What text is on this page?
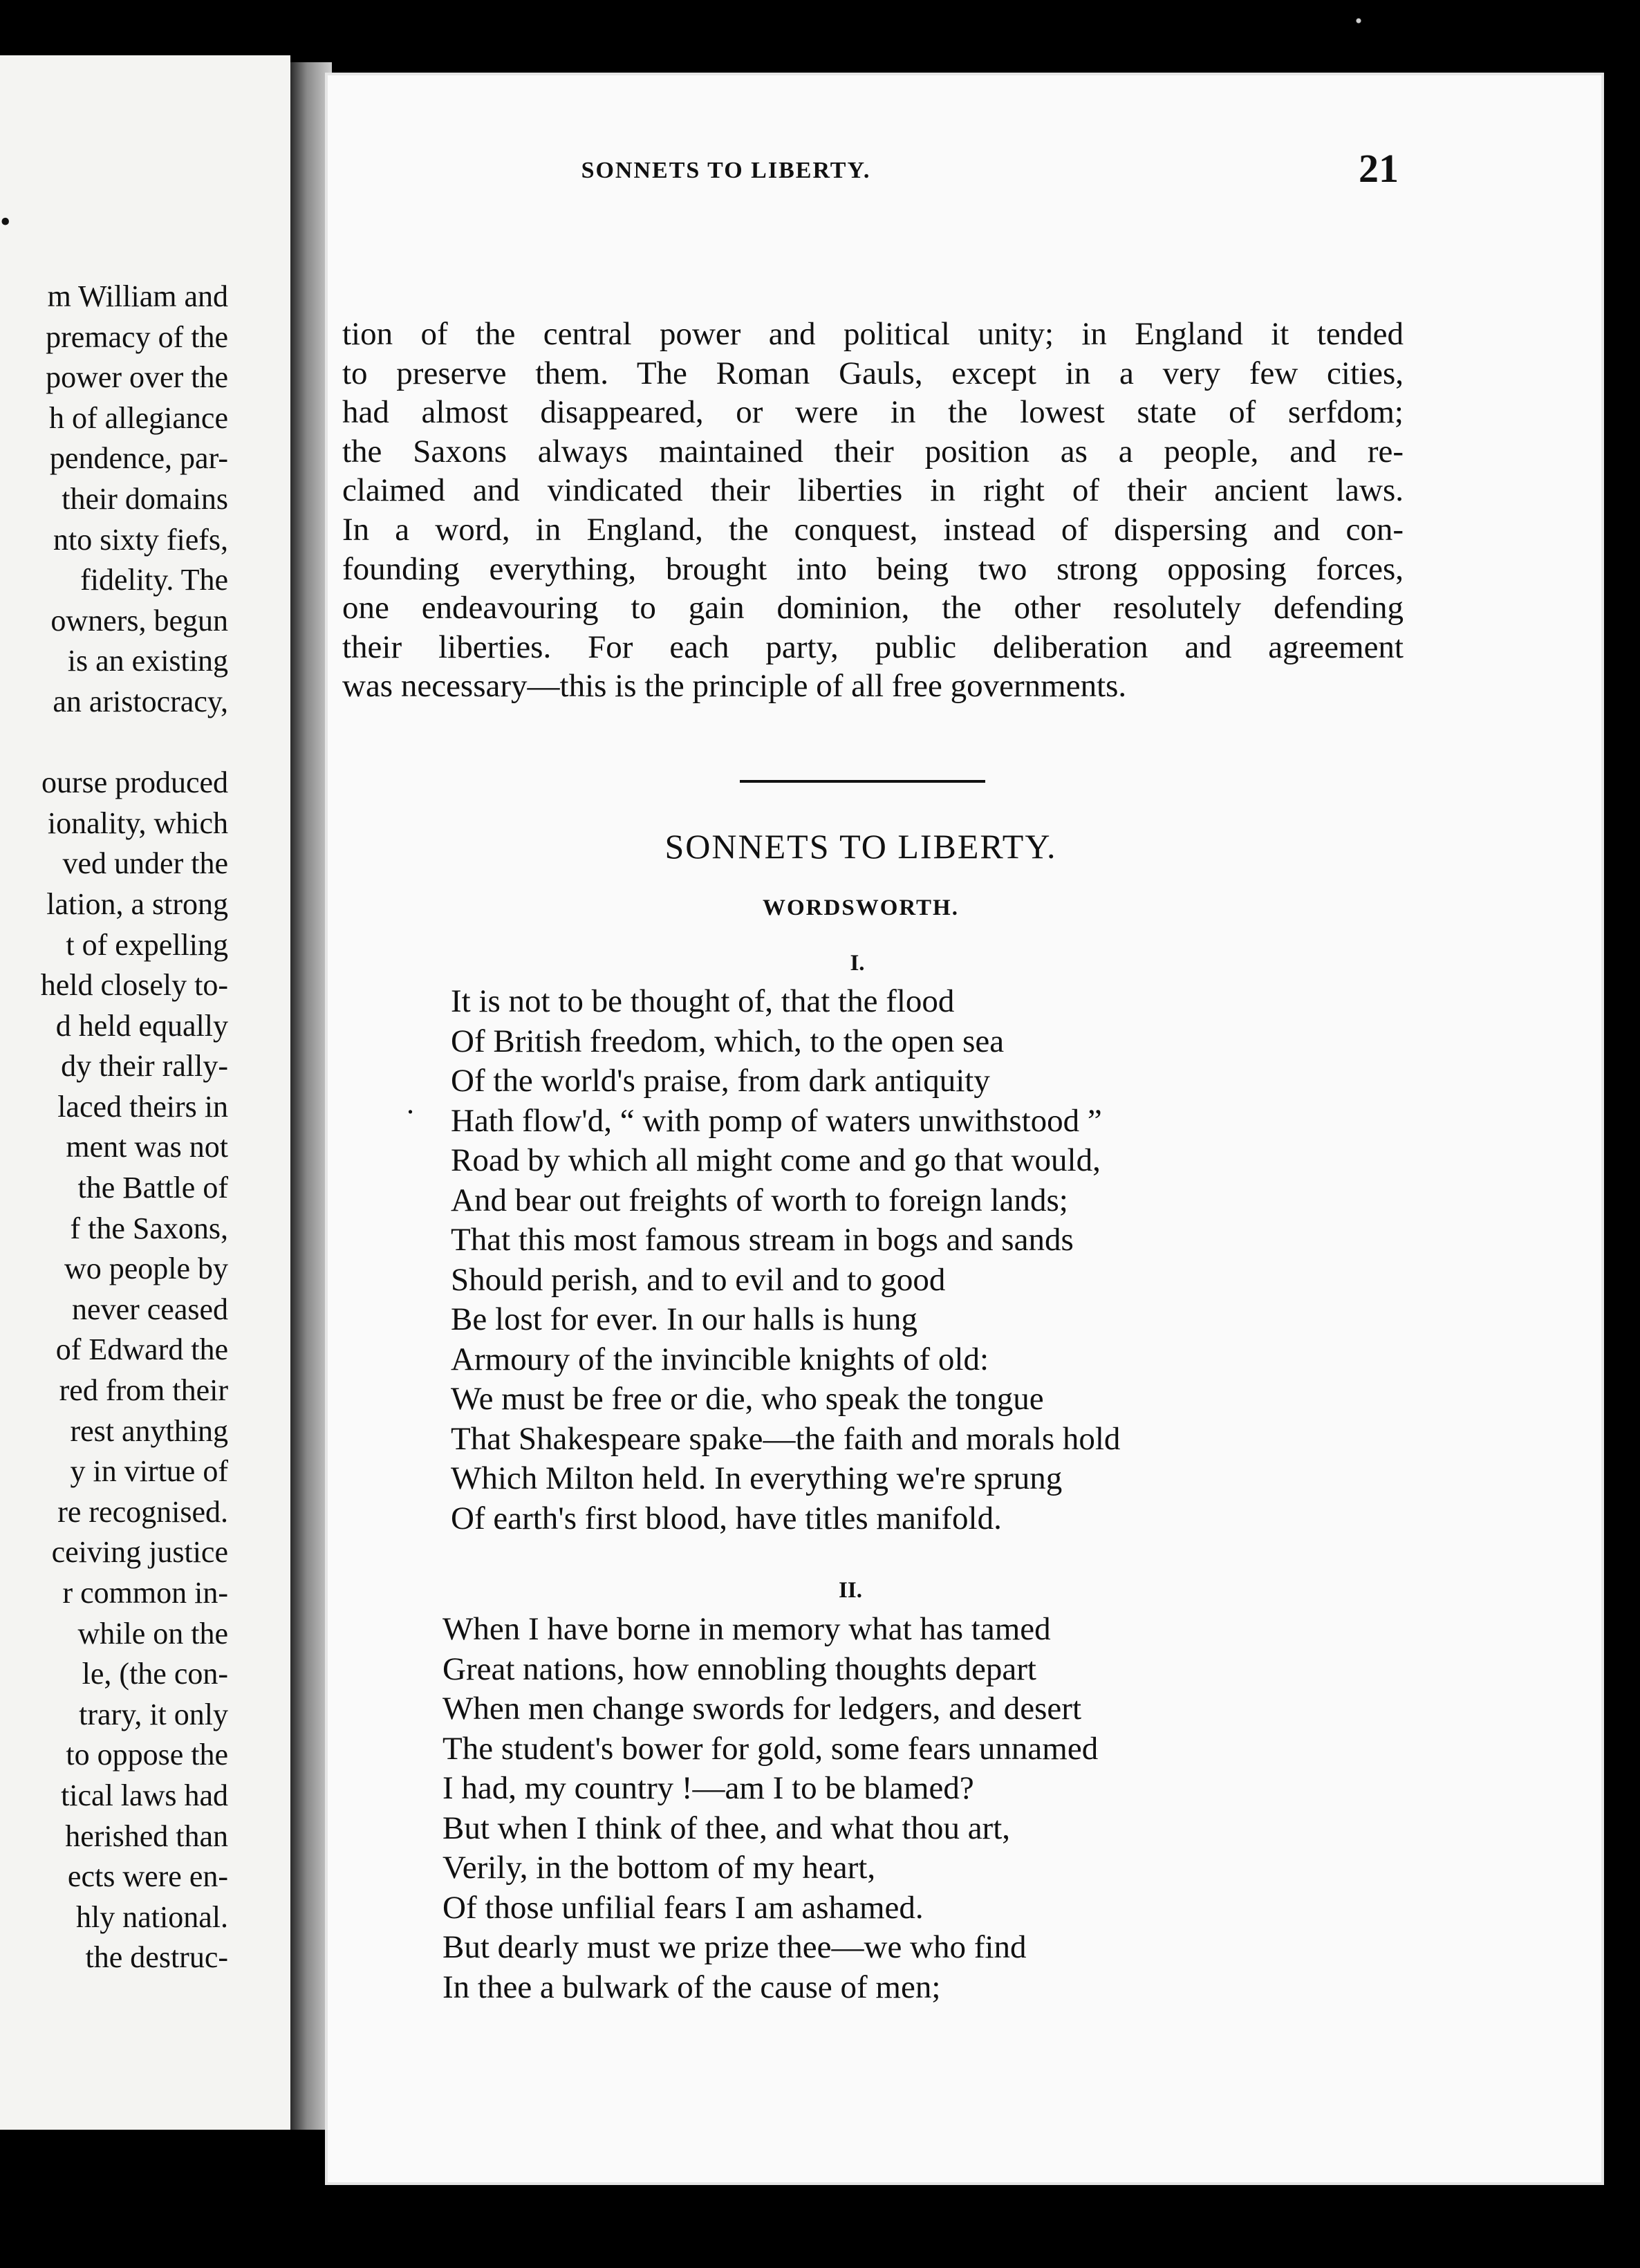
•
m William and
premacy of the
power over the
h of allegiance
pendence, par-
their domains
nto sixty fiefs,
fidelity. The
owners, begun
is an existing
an aristocracy,
ourse produced
ionality, which
ved under the
lation, a strong
t of expelling
held closely to-
d held equally
dy their rally-
laced theirs in
ment was not
the Battle of
f the Saxons,
wo people by
never ceased
of Edward the
red from their
rest anything
y in virtue of
re recognised.
ceiving justice
r common in-
while on the
le, (the con-
trary, it only
to oppose the
tical laws had
herished than
ects were en-
hly national.
the destruc-
SONNETS TO LIBERTY.	21

tion of the central power and political unity; in England it tended

to preserve them. The Roman Gauls, except in a very few cities,

had almost disappeared, or were in the lowest state of serfdom;

the Saxons always maintained their position as a people, and re-

claimed and vindicated their liberties in right of their ancient laws.

In a word, in England, the conquest, instead of dispersing and con-

founding everything, brought into being two strong opposing forces,

one endeavouring to gain dominion, the other resolutely defending

their liberties. For each party, public deliberation and agreement

was necessary—this is the principle of all free governments.

SONNETS TO LIBERTY.
WORDSWORTH.
I.
It is not to be thought of, that the flood
Of British freedom, which, to the open sea
Of the world's praise, from dark antiquity
Hath flow'd, “ with pomp of waters unwithstood ”
Road by which all might come and go that would,
And bear out freights of worth to foreign lands;
That this most famous stream in bogs and sands
Should perish, and to evil and to good
Be lost for ever. In our halls is hung
Armoury of the invincible knights of old:
We must be free or die, who speak the tongue
That Shakespeare spake—the faith and morals hold
Which Milton held. In everything we're sprung
Of earth's first blood, have titles manifold.
.
II.
When I have borne in memory what has tamed
Great nations, how ennobling thoughts depart
When men change swords for ledgers, and desert
The student's bower for gold, some fears unnamed
I had, my country !—am I to be blamed?
But when I think of thee, and what thou art,
Verily, in the bottom of my heart,
Of those unfilial fears I am ashamed.
But dearly must we prize thee—we who find
In thee a bulwark of the cause of men;
